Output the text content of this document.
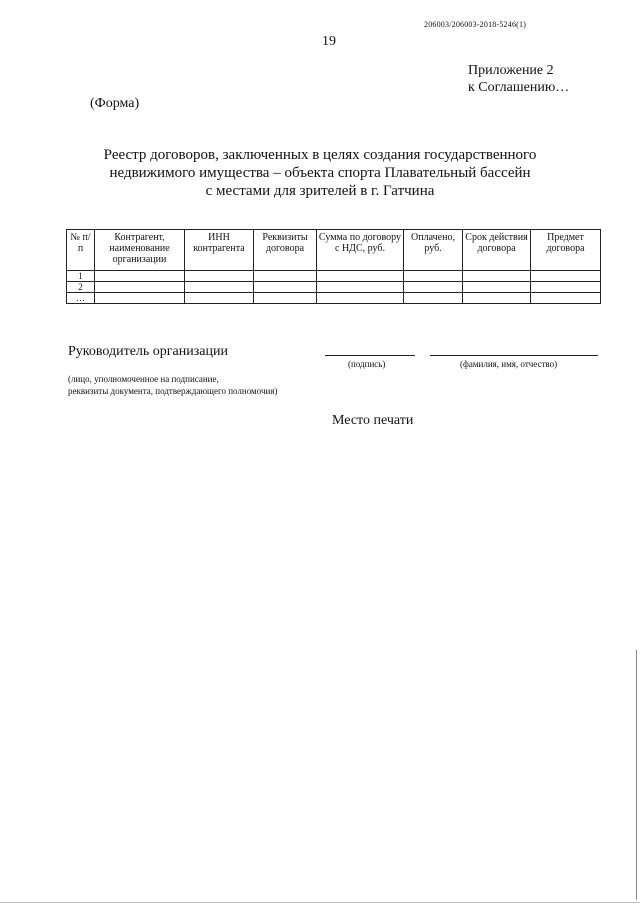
206003/206003-2018-5246(1)
19
Приложение 2
к Соглашению…
(Форма)
Реестр договоров, заключенных в целях создания государственного
недвижимого имущества – объекта спорта Плавательный бассейн
с местами для зрителей в г. Гатчина
№ п/п	Контрагент, наименование организации	ИНН контрагента	Реквизиты договора	Сумма по договору с НДС, руб.	Оплачено, руб.	Срок действия договора	Предмет договора
1							
2							
…							
Руководитель организации
(подпись)	(фамилия, имя, отчество)
(лицо, уполномоченное на подписание,
реквизиты документа, подтверждающего полномочия)
Место печати
